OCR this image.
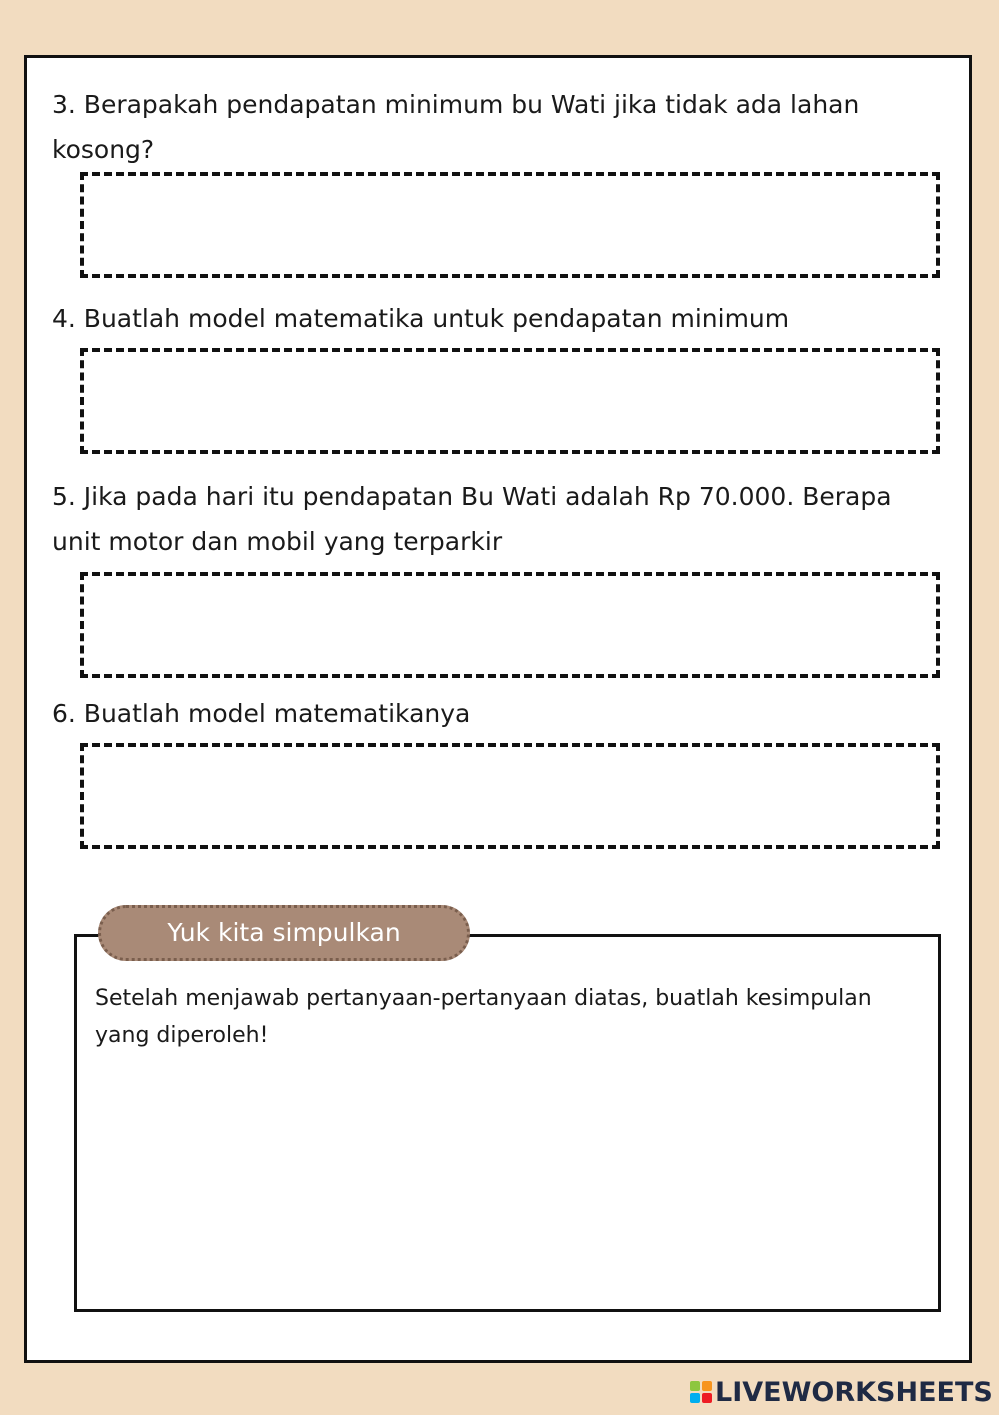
3. Berapakah pendapatan minimum bu Wati jika tidak ada lahan kosong?

4. Buatlah model matematika untuk pendapatan minimum

5. Jika pada hari itu pendapatan Bu Wati adalah Rp 70.000. Berapa unit motor dan mobil yang terparkir

6. Buatlah model matematikanya

Yuk kita simpulkan

Setelah menjawab pertanyaan-pertanyaan diatas, buatlah kesimpulan yang diperoleh!

LIVEWORKSHEETS
